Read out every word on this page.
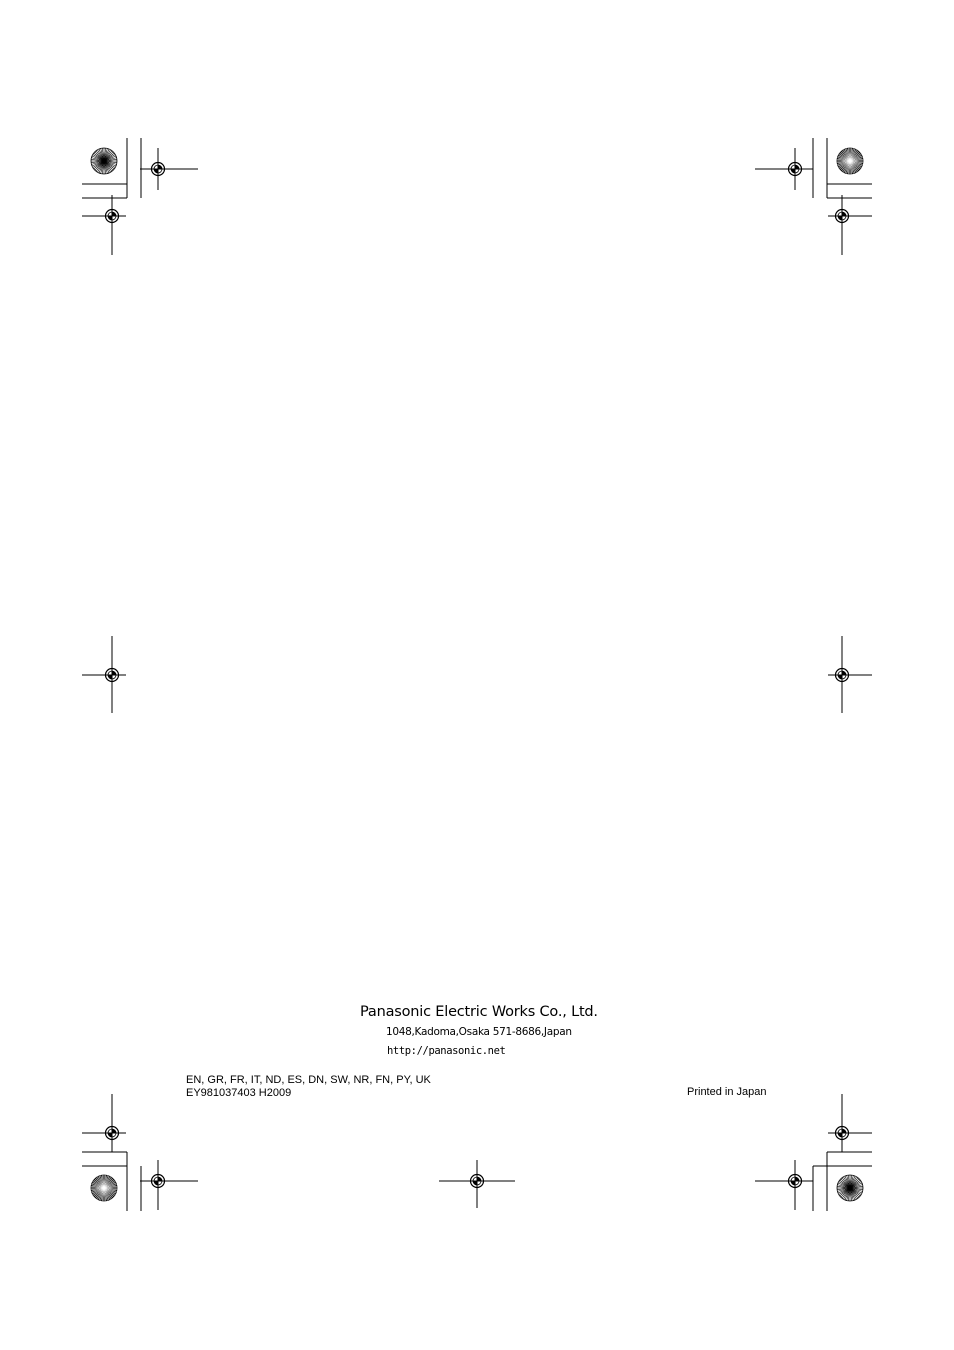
Panasonic Electric Works Co., Ltd.
1048,Kadoma,Osaka 571-8686,Japan
http://panasonic.net
EN, GR, FR, IT, ND, ES, DN, SW, NR, FN, PY, UK
EY981037403 H2009	Printed in Japan
